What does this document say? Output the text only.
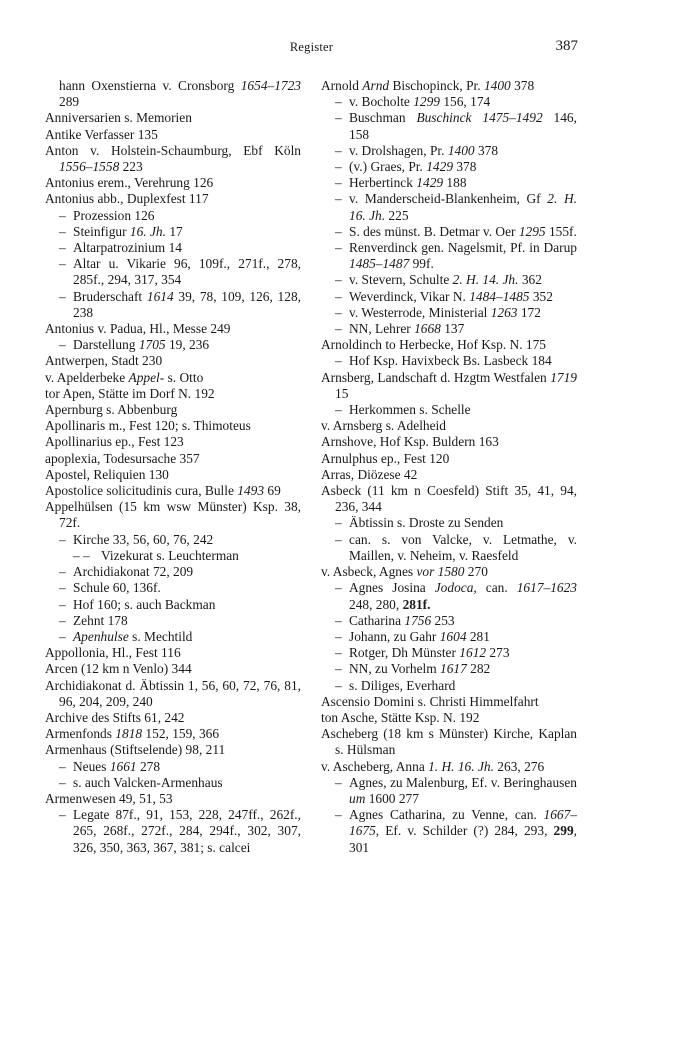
Register	387
hann Oxenstierna v. Cronsborg 1654–1723 289
Anniversarien s. Memorien
Antike Verfasser 135
Anton v. Holstein-Schaumburg, Ebf Köln 1556–1558 223
Antonius erem., Verehrung 126
Antonius abb., Duplexfest 117
– Prozession 126
– Steinfigur 16. Jh. 17
– Altarpatrozinium 14
– Altar u. Vikarie 96, 109f., 271f., 278, 285f., 294, 317, 354
– Bruderschaft 1614 39, 78, 109, 126, 128, 238
Antonius v. Padua, Hl., Messe 249
– Darstellung 1705 19, 236
Antwerpen, Stadt 230
v. Apelderbeke Appel- s. Otto
tor Apen, Stätte im Dorf N. 192
Apernburg s. Abbenburg
Apollinaris m., Fest 120; s. Thimoteus
Apollinarius ep., Fest 123
apoplexia, Todesursache 357
Apostel, Reliquien 130
Apostolice solicitudinis cura, Bulle 1493 69
Appelhülsen (15 km wsw Münster) Ksp. 38, 72f.
– Kirche 33, 56, 60, 76, 242
– – Vizekurat s. Leuchterman
– Archidiakonat 72, 209
– Schule 60, 136f.
– Hof 160; s. auch Backman
– Zehnt 178
– Apenhulse s. Mechtild
Appollonia, Hl., Fest 116
Arcen (12 km n Venlo) 344
Archidiakonat d. Äbtissin 1, 56, 60, 72, 76, 81, 96, 204, 209, 240
Archive des Stifts 61, 242
Armenfonds 1818 152, 159, 366
Armenhaus (Stiftselende) 98, 211
– Neues 1661 278
– s. auch Valcken-Armenhaus
Armenwesen 49, 51, 53
– Legate 87f., 91, 153, 228, 247ff., 262f., 265, 268f., 272f., 284, 294f., 302, 307, 326, 350, 363, 367, 381; s. calcei
Arnold Arnd Bischopinck, Pr. 1400 378
– v. Bocholte 1299 156, 174
– Buschman Buschinck 1475–1492 146, 158
– v. Drolshagen, Pr. 1400 378
– (v.) Graes, Pr. 1429 378
– Herbertinck 1429 188
– v. Manderscheid-Blankenheim, Gf 2. H. 16. Jh. 225
– S. des münst. B. Detmar v. Oer 1295 155f.
– Renverdinck gen. Nagelsmit, Pf. in Darup 1485–1487 99f.
– v. Stevern, Schulte 2. H. 14. Jh. 362
– Weverdinck, Vikar N. 1484–1485 352
– v. Westerrode, Ministerial 1263 172
– NN, Lehrer 1668 137
Arnoldinch to Herbecke, Hof Ksp. N. 175
– Hof Ksp. Havixbeck Bs. Lasbeck 184
Arnsberg, Landschaft d. Hzgtm Westfalen 1719 15
– Herkommen s. Schelle
v. Arnsberg s. Adelheid
Arnshove, Hof Ksp. Buldern 163
Arnulphus ep., Fest 120
Arras, Diözese 42
Asbeck (11 km n Coesfeld) Stift 35, 41, 94, 236, 344
– Äbtissin s. Droste zu Senden
– can. s. von Valcke, v. Letmathe, v. Maillen, v. Neheim, v. Raesfeld
v. Asbeck, Agnes vor 1580 270
– Agnes Josina Jodoca, can. 1617–1623 248, 280, 281f.
– Catharina 1756 253
– Johann, zu Gahr 1604 281
– Rotger, Dh Münster 1612 273
– NN, zu Vorhelm 1617 282
– s. Diliges, Everhard
Ascensio Domini s. Christi Himmelfahrt
ton Asche, Stätte Ksp. N. 192
Ascheberg (18 km s Münster) Kirche, Kaplan s. Hülsman
v. Ascheberg, Anna 1. H. 16. Jh. 263, 276
– Agnes, zu Malenburg, Ef. v. Beringhausen um 1600 277
– Agnes Catharina, zu Venne, can. 1667–1675, Ef. v. Schilder (?) 284, 293, 299, 301
